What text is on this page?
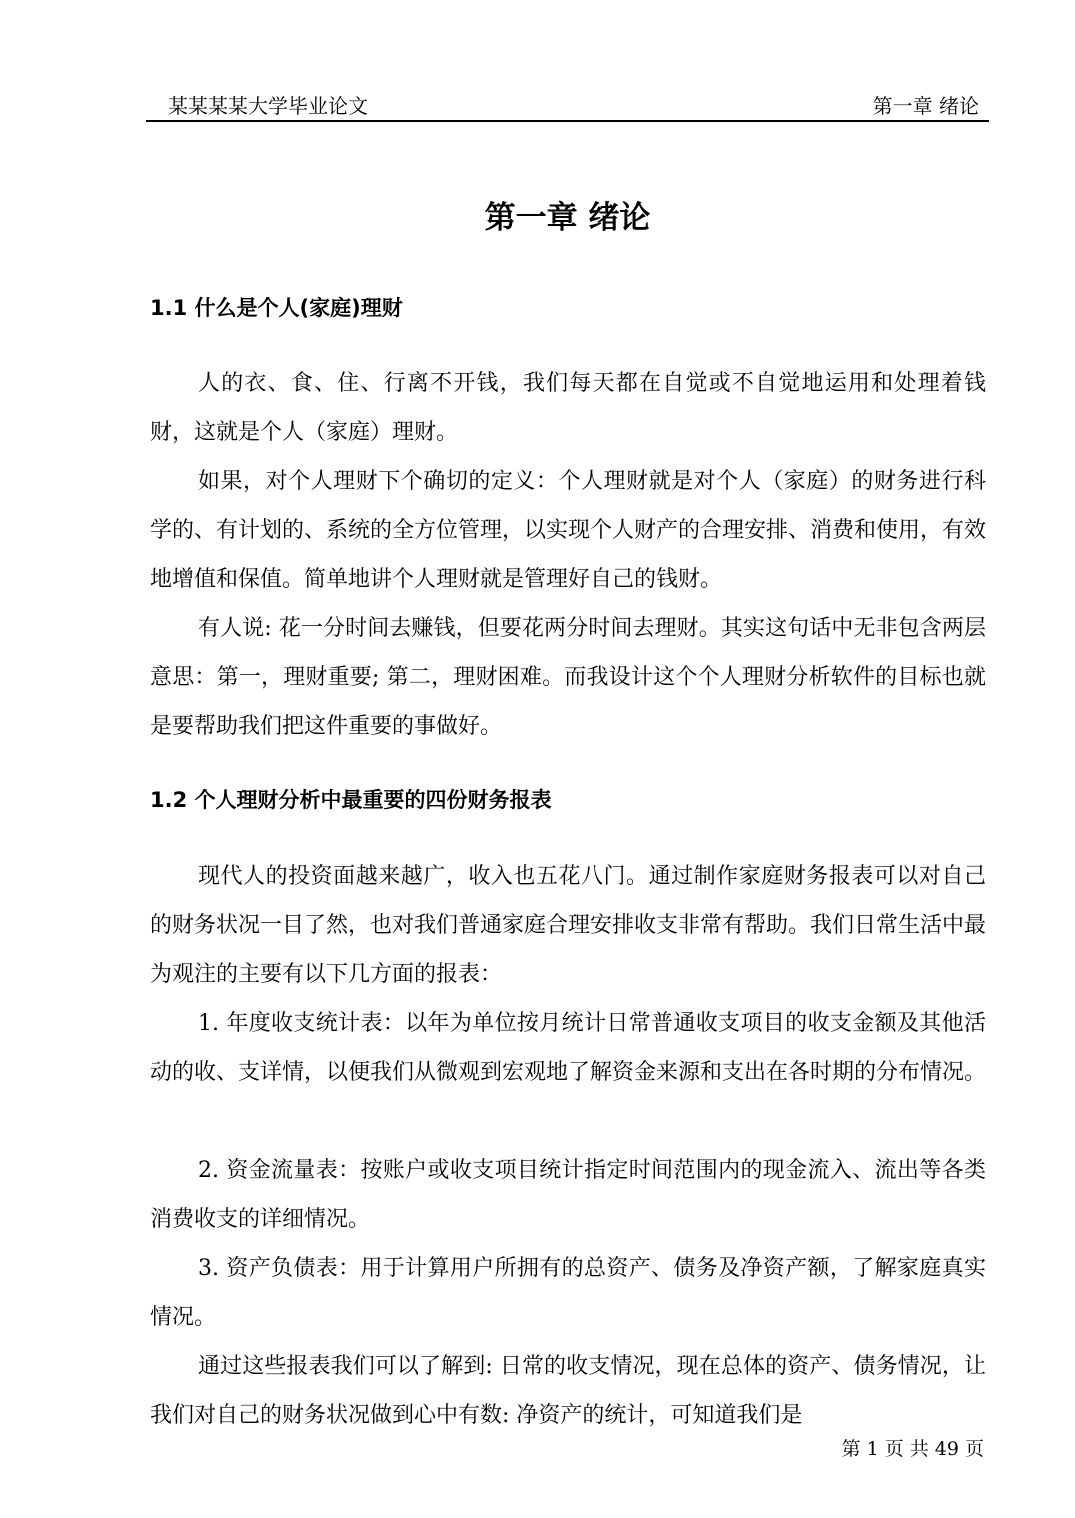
某某某某大学毕业论文	第一章 绪论
第一章 绪论
1.1 什么是个人(家庭)理财

人的衣、食、住、行离不开钱，我们每天都在自觉或不自觉地运用和处理着钱财，这就是个人（家庭）理财。

如果，对个人理财下个确切的定义：个人理财就是对个人（家庭）的财务进行科学的、有计划的、系统的全方位管理，以实现个人财产的合理安排、消费和使用，有效地增值和保值。简单地讲个人理财就是管理好自己的钱财。

有人说: 花一分时间去赚钱，但要花两分时间去理财。其实这句话中无非包含两层意思：第一，理财重要; 第二，理财困难。而我设计这个个人理财分析软件的目标也就是要帮助我们把这件重要的事做好。

1.2 个人理财分析中最重要的四份财务报表

现代人的投资面越来越广，收入也五花八门。通过制作家庭财务报表可以对自己的财务状况一目了然，也对我们普通家庭合理安排收支非常有帮助。我们日常生活中最为观注的主要有以下几方面的报表：

1. 年度收支统计表：以年为单位按月统计日常普通收支项目的收支金额及其他活动的收、支详情，以便我们从微观到宏观地了解资金来源和支出在各时期的分布情况。

2. 资金流量表：按账户或收支项目统计指定时间范围内的现金流入、流出等各类消费收支的详细情况。

3. 资产负债表：用于计算用户所拥有的总资产、债务及净资产额，了解家庭真实情况。

通过这些报表我们可以了解到: 日常的收支情况，现在总体的资产、债务情况，让我们对自己的财务状况做到心中有数: 净资产的统计，可知道我们是

第 1 页 共 49 页
